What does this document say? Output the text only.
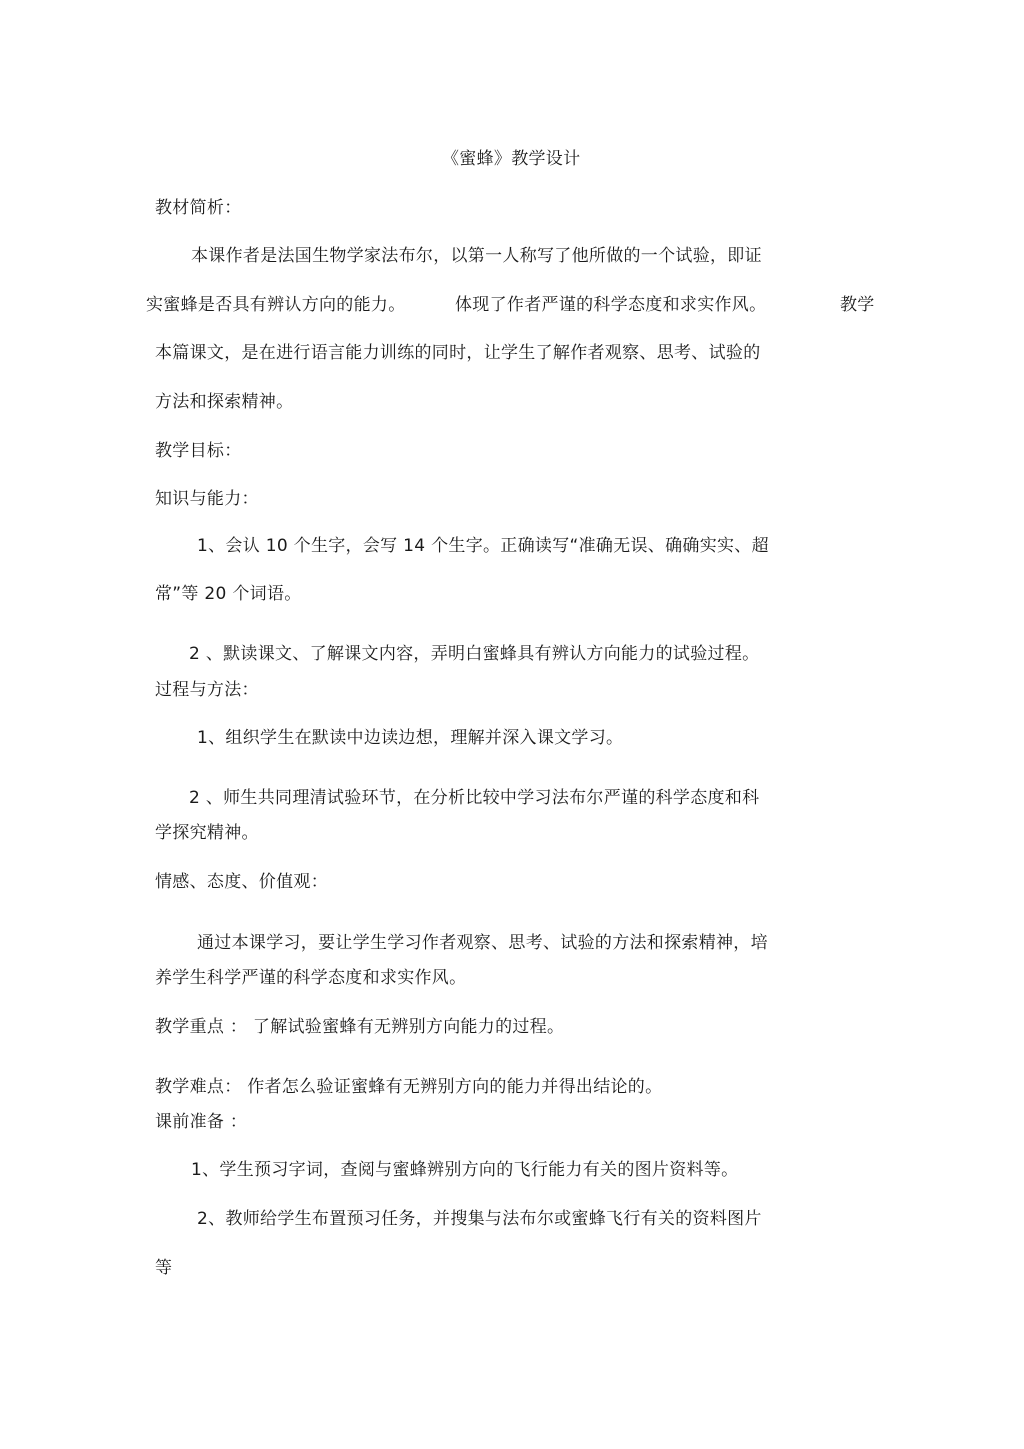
《蜜蜂》教学设计
教材简析：
本课作者是法国生物学家法布尔，以第一人称写了他所做的一个试验，即证
实蜜蜂是否具有辨认方向的能力。	体现了作者严谨的科学态度和求实作风。	教学
本篇课文，是在进行语言能力训练的同时，让学生了解作者观察、思考、试验的
方法和探索精神。
教学目标：
知识与能力：
1、会认 10 个生字，会写 14 个生字。正确读写“准确无误、确确实实、超
常”等 20 个词语。
2 、默读课文、了解课文内容，弄明白蜜蜂具有辨认方向能力的试验过程。
过程与方法：
1、组织学生在默读中边读边想，理解并深入课文学习。
2 、师生共同理清试验环节，在分析比较中学习法布尔严谨的科学态度和科
学探究精神。
情感、态度、价值观：
通过本课学习，要让学生学习作者观察、思考、试验的方法和探索精神，培
养学生科学严谨的科学态度和求实作风。
教学重点 ： 了解试验蜜蜂有无辨别方向能力的过程。
教学难点： 作者怎么验证蜜蜂有无辨别方向的能力并得出结论的。
课前准备 ：
1、学生预习字词，查阅与蜜蜂辨别方向的飞行能力有关的图片资料等。
2、教师给学生布置预习任务，并搜集与法布尔或蜜蜂飞行有关的资料图片
等
